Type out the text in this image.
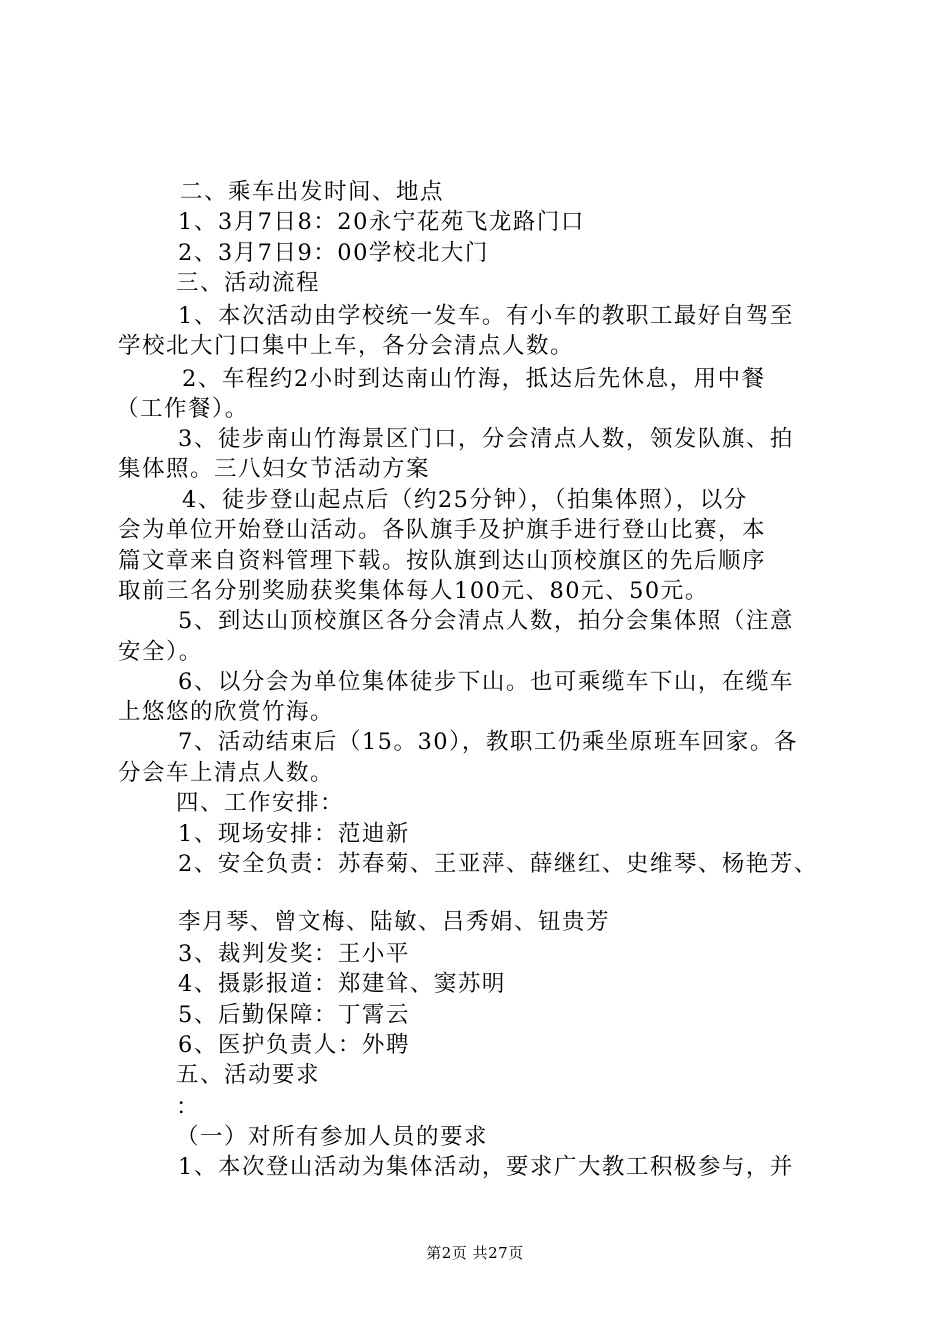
二、乘车出发时间、地点
1、3月7日8：20永宁花苑飞龙路门口
2、3月7日9：00学校北大门
三、活动流程
1、本次活动由学校统一发车。有小车的教职工最好自驾至
学校北大门口集中上车，各分会清点人数。
2、车程约2小时到达南山竹海，抵达后先休息，用中餐
（工作餐）。
3、徒步南山竹海景区门口，分会清点人数，领发队旗、拍
集体照。三八妇女节活动方案
4、徒步登山起点后（约25分钟），（拍集体照），以分
会为单位开始登山活动。各队旗手及护旗手进行登山比赛，本
篇文章来自资料管理下载。按队旗到达山顶校旗区的先后顺序
取前三名分别奖励获奖集体每人100元、80元、50元。
5、到达山顶校旗区各分会清点人数，拍分会集体照（注意
安全）。
6、以分会为单位集体徒步下山。也可乘缆车下山，在缆车
上悠悠的欣赏竹海。
7、活动结束后（15。30），教职工仍乘坐原班车回家。各
分会车上清点人数。
四、工作安排：
1、现场安排：范迪新
2、安全负责：苏春菊、王亚萍、薛继红、史维琴、杨艳芳、
李月琴、曾文梅、陆敏、吕秀娟、钮贵芳
3、裁判发奖：王小平
4、摄影报道：郑建耸、窦苏明
5、后勤保障：丁霄云
6、医护负责人：外聘
五、活动要求
：
（一）对所有参加人员的要求
1、本次登山活动为集体活动，要求广大教工积极参与，并
第2页 共27页
